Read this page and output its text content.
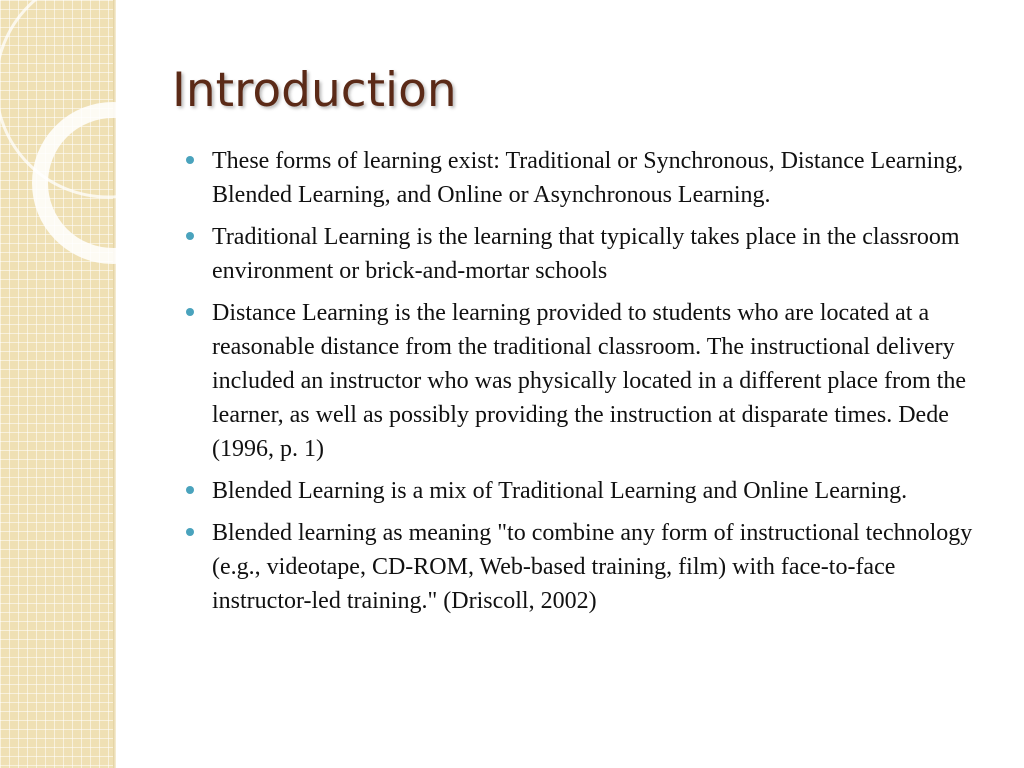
Introduction
These forms of learning exist: Traditional or Synchronous, Distance Learning, Blended Learning, and Online or Asynchronous Learning.
Traditional Learning is the learning that typically takes place in the classroom environment or brick-and-mortar schools
Distance Learning is the learning provided to students who are located at a reasonable distance from the traditional classroom. The instructional delivery included an instructor who was physically located in a different place from the learner, as well as possibly providing the instruction at disparate times. Dede (1996, p. 1)
Blended Learning is a mix of Traditional Learning and Online Learning.
Blended learning as meaning "to combine any form of instructional technology (e.g., videotape, CD-ROM, Web-based training, film) with face-to-face instructor-led training." (Driscoll, 2002)
